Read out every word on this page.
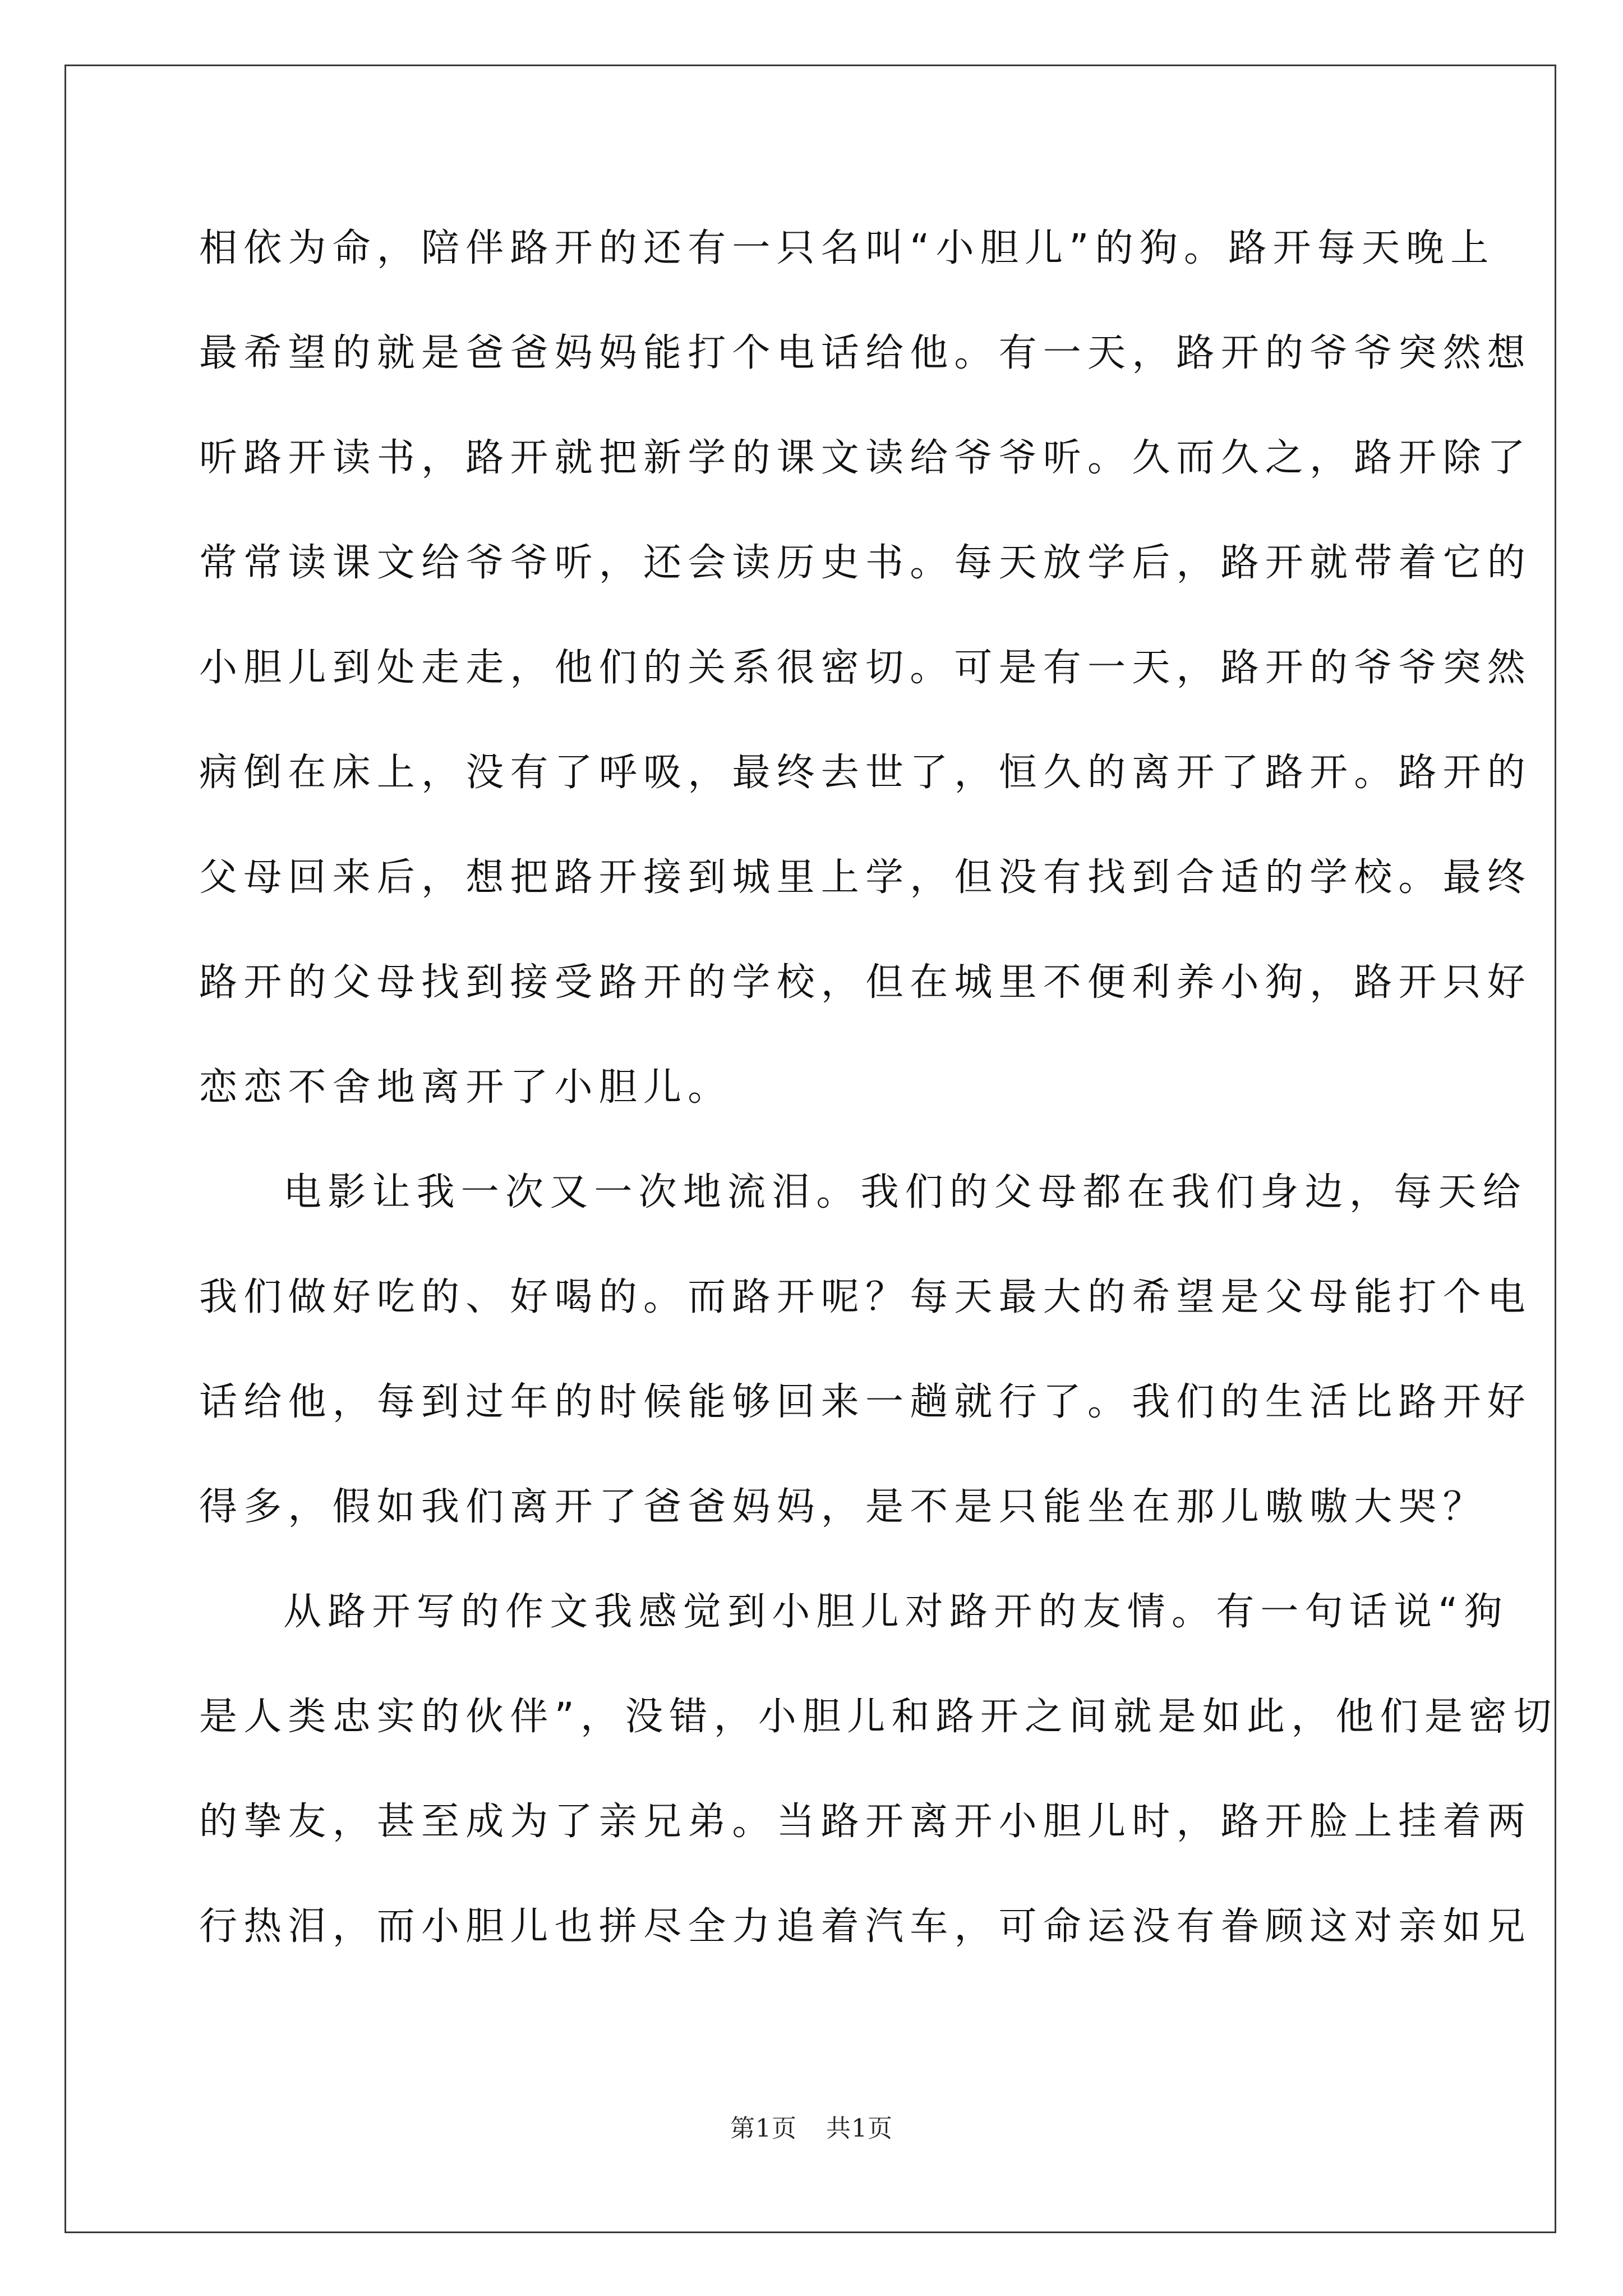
相依为命，陪伴路开的还有一只名叫“小胆儿”的狗。路开每天晚上
最希望的就是爸爸妈妈能打个电话给他。有一天，路开的爷爷突然想
听路开读书，路开就把新学的课文读给爷爷听。久而久之，路开除了
常常读课文给爷爷听，还会读历史书。每天放学后，路开就带着它的
小胆儿到处走走，他们的关系很密切。可是有一天，路开的爷爷突然
病倒在床上，没有了呼吸，最终去世了，恒久的离开了路开。路开的
父母回来后，想把路开接到城里上学，但没有找到合适的学校。最终
路开的父母找到接受路开的学校，但在城里不便利养小狗，路开只好
恋恋不舍地离开了小胆儿。
电影让我一次又一次地流泪。我们的父母都在我们身边，每天给
我们做好吃的、好喝的。而路开呢？每天最大的希望是父母能打个电
话给他，每到过年的时候能够回来一趟就行了。我们的生活比路开好
得多，假如我们离开了爸爸妈妈，是不是只能坐在那儿嗷嗷大哭？
从路开写的作文我感觉到小胆儿对路开的友情。有一句话说“狗
是人类忠实的伙伴”，没错，小胆儿和路开之间就是如此，他们是密切
的挚友，甚至成为了亲兄弟。当路开离开小胆儿时，路开脸上挂着两
行热泪，而小胆儿也拼尽全力追着汽车，可命运没有眷顾这对亲如兄
第1页 共1页
